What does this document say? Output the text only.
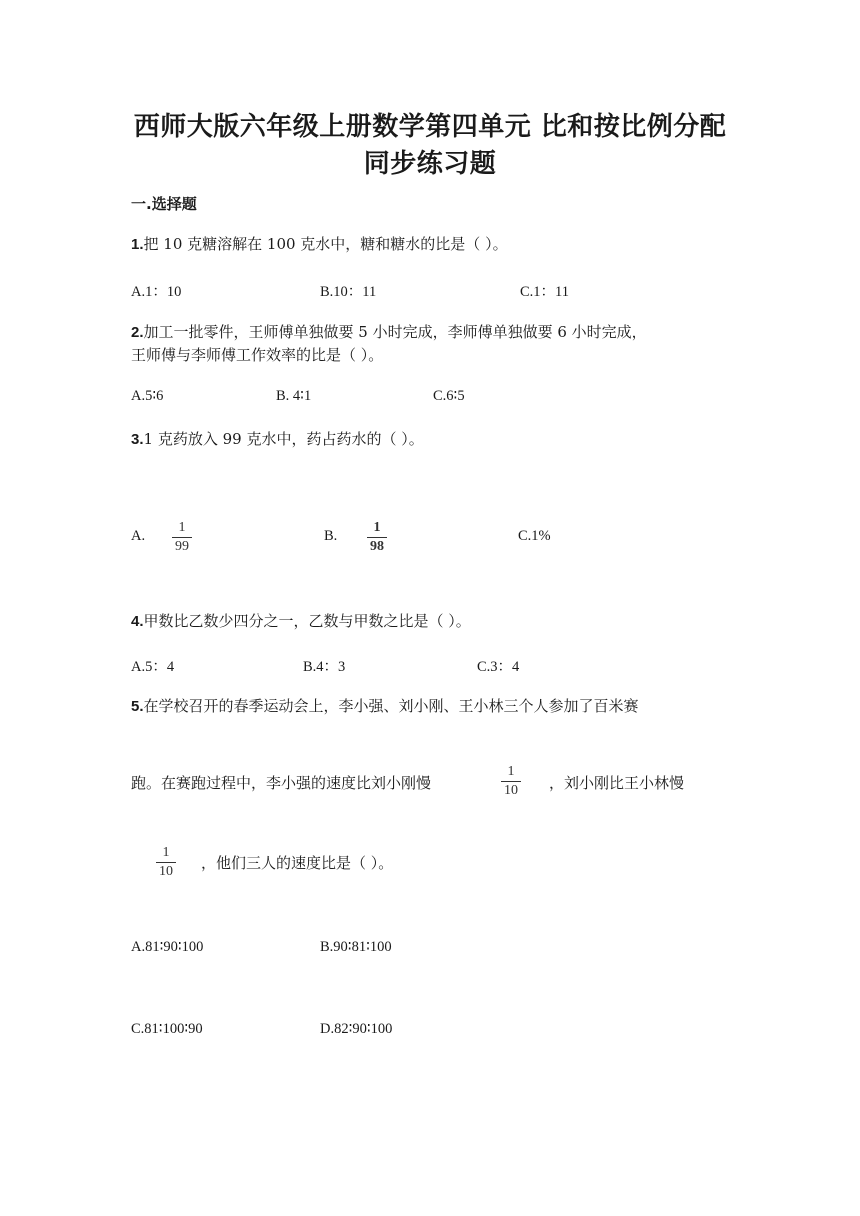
西师大版六年级上册数学第四单元 比和按比例分配
同步练习题
一.选择题
1.把 10 克糖溶解在 100 克水中，糖和糖水的比是（ ）。
A.1：10	B.10：11	C.1：11
2.加工一批零件，王师傅单独做要 5 小时完成，李师傅单独做要 6 小时完成，
王师傅与李师傅工作效率的比是（ ）。
A.5∶6	B. 4∶1	C.6∶5
3.1 克药放入 99 克水中，药占药水的（ ）。
A.
1
99
B.
1
98
C.1%
4.甲数比乙数少四分之一，乙数与甲数之比是（ ）。
A.5：4	B.4：3	C.3：4
5.在学校召开的春季运动会上，李小强、刘小刚、王小林三个人参加了百米赛
跑。在赛跑过程中，李小强的速度比刘小刚慢
1
10 ，刘小刚比王小林慢
1
10 ，他们三人的速度比是（ ）。
A.81∶90∶100	B.90∶81∶100
C.81∶100∶90	D.82∶90∶100
